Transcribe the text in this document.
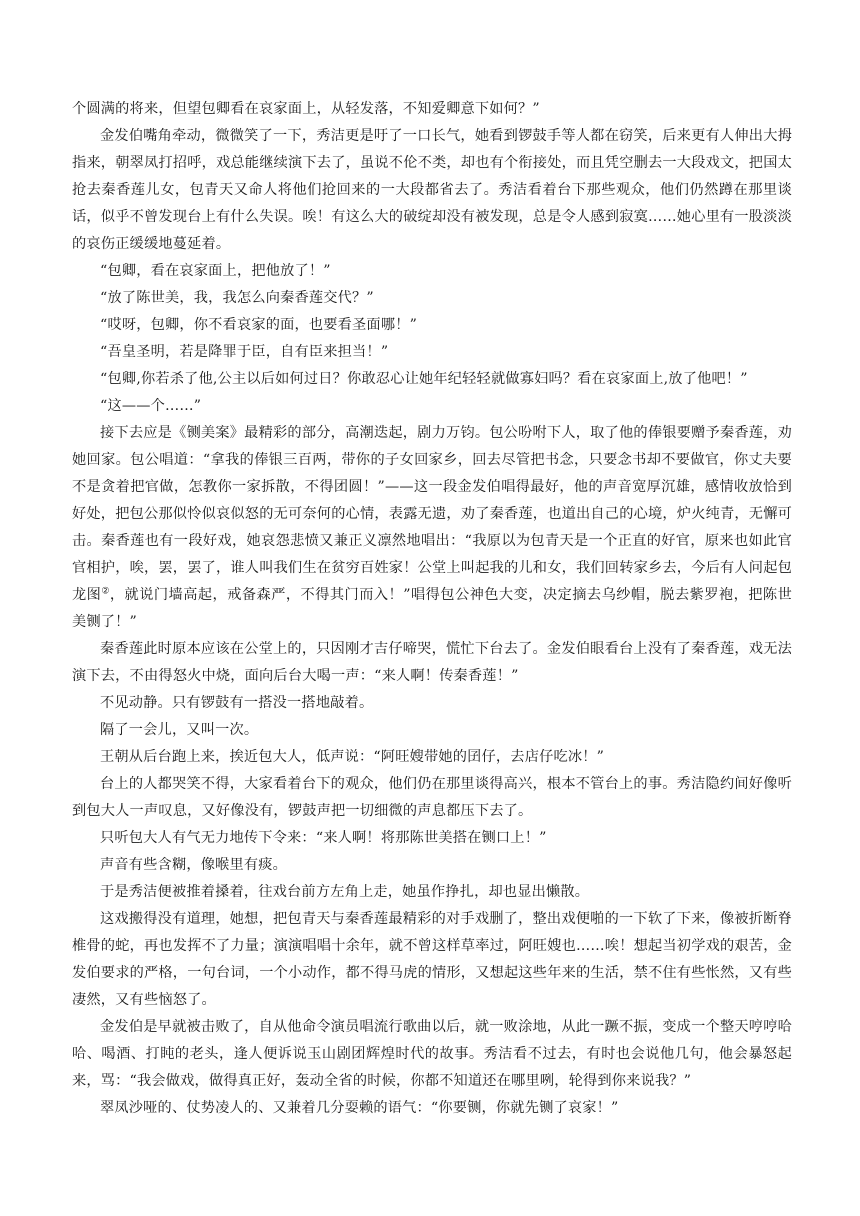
个圆满的将来，但望包卿看在哀家面上，从轻发落，不知爱卿意下如何？”

金发伯嘴角牵动，微微笑了一下，秀洁更是吁了一口长气，她看到锣鼓手等人都在窃笑，后来更有人伸出大拇指来，朝翠凤打招呼，戏总能继续演下去了，虽说不伦不类，却也有个衔接处，而且凭空删去一大段戏文，把国太抢去秦香莲儿女，包青天又命人将他们抢回来的一大段都省去了。秀洁看着台下那些观众，他们仍然蹲在那里谈话，似乎不曾发现台上有什么失误。唉！有这么大的破绽却没有被发现，总是令人感到寂寞……她心里有一股淡淡的哀伤正缓缓地蔓延着。

“包卿，看在哀家面上，把他放了！”

“放了陈世美，我，我怎么向秦香莲交代？”

“哎呀，包卿，你不看哀家的面，也要看圣面哪！”

“吾皇圣明，若是降罪于臣，自有臣来担当！”

“包卿,你若杀了他,公主以后如何过日？你敢忍心让她年纪轻轻就做寡妇吗？看在哀家面上,放了他吧！”

“这——个……”

接下去应是《铡美案》最精彩的部分，高潮迭起，剧力万钧。包公吩咐下人，取了他的俸银要赠予秦香莲，劝她回家。包公唱道：“拿我的俸银三百两，带你的子女回家乡，回去尽管把书念，只要念书却不要做官，你丈夫要不是贪着把官做，怎教你一家拆散，不得团圆！”——这一段金发伯唱得最好，他的声音宽厚沉雄，感情收放恰到好处，把包公那似怜似哀似怒的无可奈何的心情，表露无遗，劝了秦香莲，也道出自己的心境，炉火纯青，无懈可击。秦香莲也有一段好戏，她哀怨悲愤又兼正义凛然地唱出：“我原以为包青天是一个正直的好官，原来也如此官官相护，唉，罢，罢了，谁人叫我们生在贫穷百姓家！公堂上叫起我的儿和女，我们回转家乡去，今后有人问起包龙图②，就说门墙高起，戒备森严，不得其门而入！”唱得包公神色大变，决定摘去乌纱帽，脱去紫罗袍，把陈世美铡了！”

秦香莲此时原本应该在公堂上的，只因刚才吉仔啼哭，慌忙下台去了。金发伯眼看台上没有了秦香莲，戏无法演下去，不由得怒火中烧，面向后台大喝一声：“来人啊！传秦香莲！”

不见动静。只有锣鼓有一搭没一搭地敲着。

隔了一会儿，又叫一次。

王朝从后台跑上来，挨近包大人，低声说：“阿旺嫂带她的囝仔，去店仔吃冰！”

台上的人都哭笑不得，大家看着台下的观众，他们仍在那里谈得高兴，根本不管台上的事。秀洁隐约间好像听到包大人一声叹息，又好像没有，锣鼓声把一切细微的声息都压下去了。

只听包大人有气无力地传下令来：“来人啊！将那陈世美搭在铡口上！”

声音有些含糊，像喉里有痰。

于是秀洁便被推着搡着，往戏台前方左角上走，她虽作挣扎，却也显出懒散。

这戏搬得没有道理，她想，把包青天与秦香莲最精彩的对手戏删了，整出戏便啪的一下软了下来，像被折断脊椎骨的蛇，再也发挥不了力量；演演唱唱十余年，就不曾这样草率过，阿旺嫂也……唉！想起当初学戏的艰苦，金发伯要求的严格，一句台词，一个小动作，都不得马虎的情形，又想起这些年来的生活，禁不住有些怅然，又有些凄然，又有些恼怒了。

金发伯是早就被击败了，自从他命令演员唱流行歌曲以后，就一败涂地，从此一蹶不振，变成一个整天哼哼哈哈、喝酒、打盹的老头，逢人便诉说玉山剧团辉煌时代的故事。秀洁看不过去，有时也会说他几句，他会暴怒起来，骂：“我会做戏，做得真正好，轰动全省的时候，你都不知道还在哪里咧，轮得到你来说我？”

翠凤沙哑的、仗势凌人的、又兼着几分耍赖的语气：“你要铡，你就先铡了哀家！”
